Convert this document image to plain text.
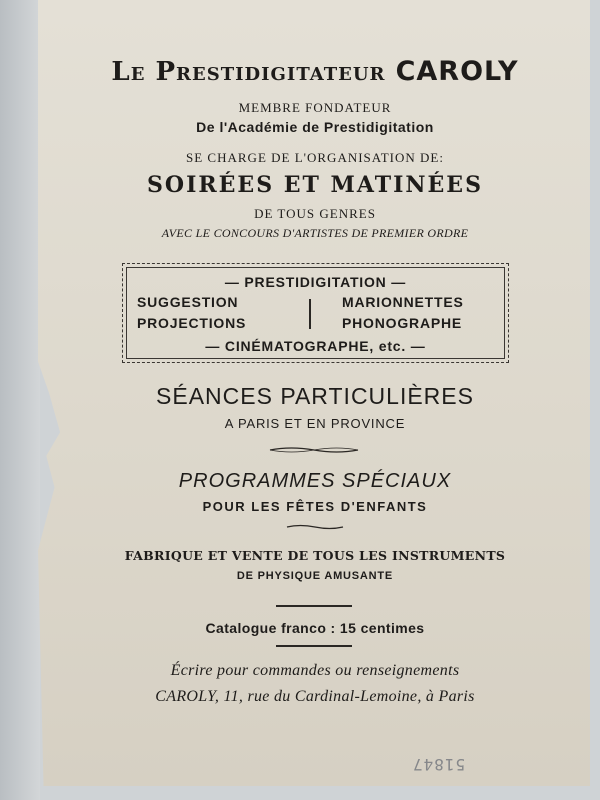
Le Prestidigitateur CAROLY
MEMBRE FONDATEUR
De l'Académie de Prestidigitation
SE CHARGE DE L'ORGANISATION DE:
SOIRÉES ET MATINÉES
DE TOUS GENRES
AVEC LE CONCOURS D'ARTISTES DE PREMIER ORDRE
— PRESTIDIGITATION —
SUGGESTION
PROJECTIONS
MARIONNETTES
PHONOGRAPHE
— CINÉMATOGRAPHE, etc. —
SÉANCES PARTICULIÈRES
A PARIS ET EN PROVINCE
PROGRAMMES SPÉCIAUX
POUR LES FÊTES D'ENFANTS
FABRIQUE ET VENTE DE TOUS LES INSTRUMENTS
DE PHYSIQUE AMUSANTE
Catalogue franco : 15 centimes
Écrire pour commandes ou renseignements
CAROLY, 11, rue du Cardinal-Lemoine, à Paris
51847
